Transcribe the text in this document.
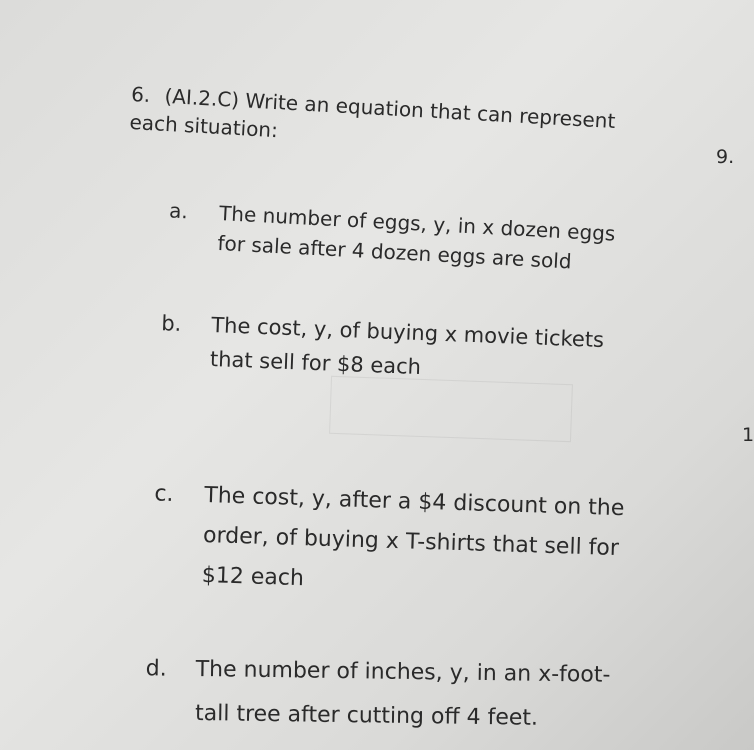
6. (AI.2.C) Write an equation that can represent each situation:
a. The number of eggs, y, in x dozen eggs
for sale after 4 dozen eggs are sold
b. The cost, y, of buying x movie tickets
that sell for $8 each
c. The cost, y, after a $4 discount on the
order, of buying x T-shirts that sell for
$12 each
d. The number of inches, y, in an x-foot-
tall tree after cutting off 4 feet.
9.
1
